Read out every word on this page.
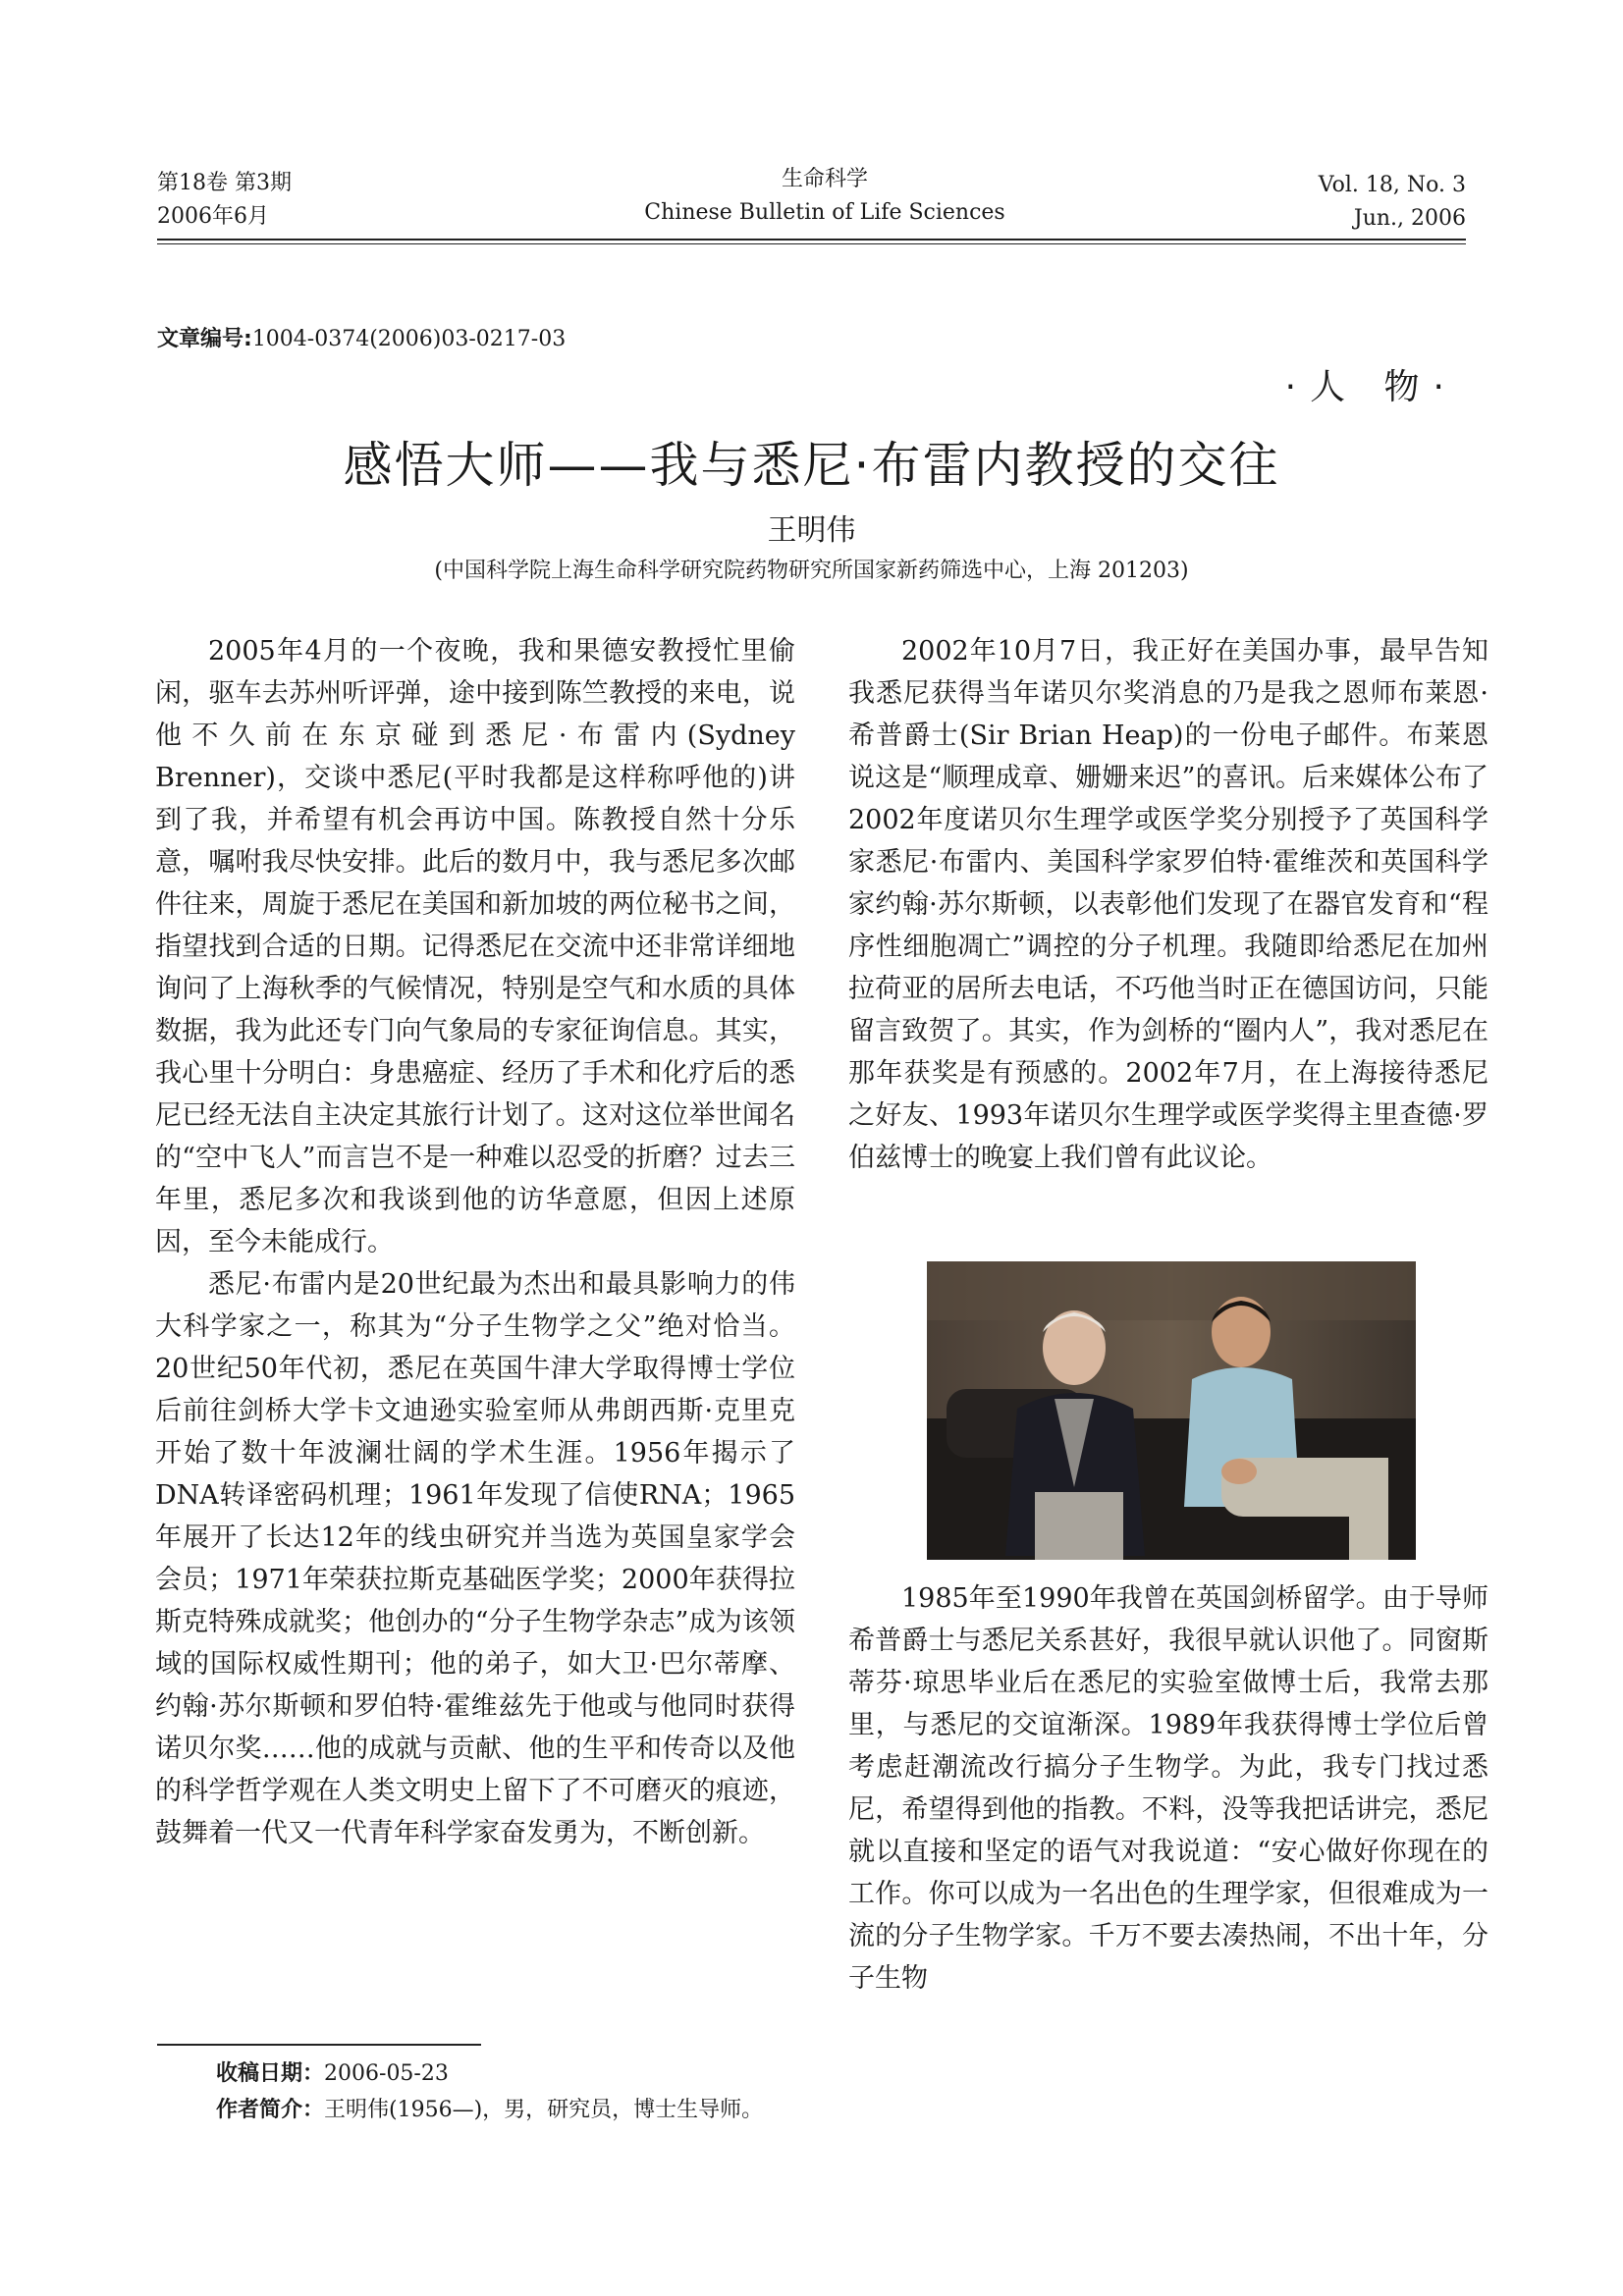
第18卷 第3期
2006年6月
生命科学
Chinese Bulletin of Life Sciences
Vol. 18, No. 3
Jun., 2006
文章编号:1004-0374(2006)03-0217-03
·人 物·
感悟大师——我与悉尼·布雷内教授的交往
王明伟
(中国科学院上海生命科学研究院药物研究所国家新药筛选中心，上海 201203)

2005年4月的一个夜晚，我和果德安教授忙里偷闲，驱车去苏州听评弹，途中接到陈竺教授的来电，说他不久前在东京碰到悉尼·布雷内(Sydney Brenner)，交谈中悉尼(平时我都是这样称呼他的)讲到了我，并希望有机会再访中国。陈教授自然十分乐意，嘱咐我尽快安排。此后的数月中，我与悉尼多次邮件往来，周旋于悉尼在美国和新加坡的两位秘书之间，指望找到合适的日期。记得悉尼在交流中还非常详细地询问了上海秋季的气候情况，特别是空气和水质的具体数据，我为此还专门向气象局的专家征询信息。其实，我心里十分明白：身患癌症、经历了手术和化疗后的悉尼已经无法自主决定其旅行计划了。这对这位举世闻名的“空中飞人”而言岂不是一种难以忍受的折磨？过去三年里，悉尼多次和我谈到他的访华意愿，但因上述原因，至今未能成行。

悉尼·布雷内是20世纪最为杰出和最具影响力的伟大科学家之一，称其为“分子生物学之父”绝对恰当。20世纪50年代初，悉尼在英国牛津大学取得博士学位后前往剑桥大学卡文迪逊实验室师从弗朗西斯·克里克开始了数十年波澜壮阔的学术生涯。1956年揭示了DNA转译密码机理；1961年发现了信使RNA；1965年展开了长达12年的线虫研究并当选为英国皇家学会会员；1971年荣获拉斯克基础医学奖；2000年获得拉斯克特殊成就奖；他创办的“分子生物学杂志”成为该领域的国际权威性期刊；他的弟子，如大卫·巴尔蒂摩、约翰·苏尔斯顿和罗伯特·霍维兹先于他或与他同时获得诺贝尔奖……他的成就与贡献、他的生平和传奇以及他的科学哲学观在人类文明史上留下了不可磨灭的痕迹，鼓舞着一代又一代青年科学家奋发勇为，不断创新。

2002年10月7日，我正好在美国办事，最早告知我悉尼获得当年诺贝尔奖消息的乃是我之恩师布莱恩·希普爵士(Sir Brian Heap)的一份电子邮件。布莱恩说这是“顺理成章、姗姗来迟”的喜讯。后来媒体公布了2002年度诺贝尔生理学或医学奖分别授予了英国科学家悉尼·布雷内、美国科学家罗伯特·霍维茨和英国科学家约翰·苏尔斯顿，以表彰他们发现了在器官发育和“程序性细胞凋亡”调控的分子机理。我随即给悉尼在加州拉荷亚的居所去电话，不巧他当时正在德国访问，只能留言致贺了。其实，作为剑桥的“圈内人”，我对悉尼在那年获奖是有预感的。2002年7月，在上海接待悉尼之好友、1993年诺贝尔生理学或医学奖得主里查德·罗伯兹博士的晚宴上我们曾有此议论。

1985年至1990年我曾在英国剑桥留学。由于导师希普爵士与悉尼关系甚好，我很早就认识他了。同窗斯蒂芬·琼思毕业后在悉尼的实验室做博士后，我常去那里，与悉尼的交谊渐深。1989年我获得博士学位后曾考虑赶潮流改行搞分子生物学。为此，我专门找过悉尼，希望得到他的指教。不料，没等我把话讲完，悉尼就以直接和坚定的语气对我说道：“安心做好你现在的工作。你可以成为一名出色的生理学家，但很难成为一流的分子生物学家。千万不要去凑热闹，不出十年，分子生物

收稿日期：2006-05-23
作者简介：王明伟(1956—)，男，研究员，博士生导师。
